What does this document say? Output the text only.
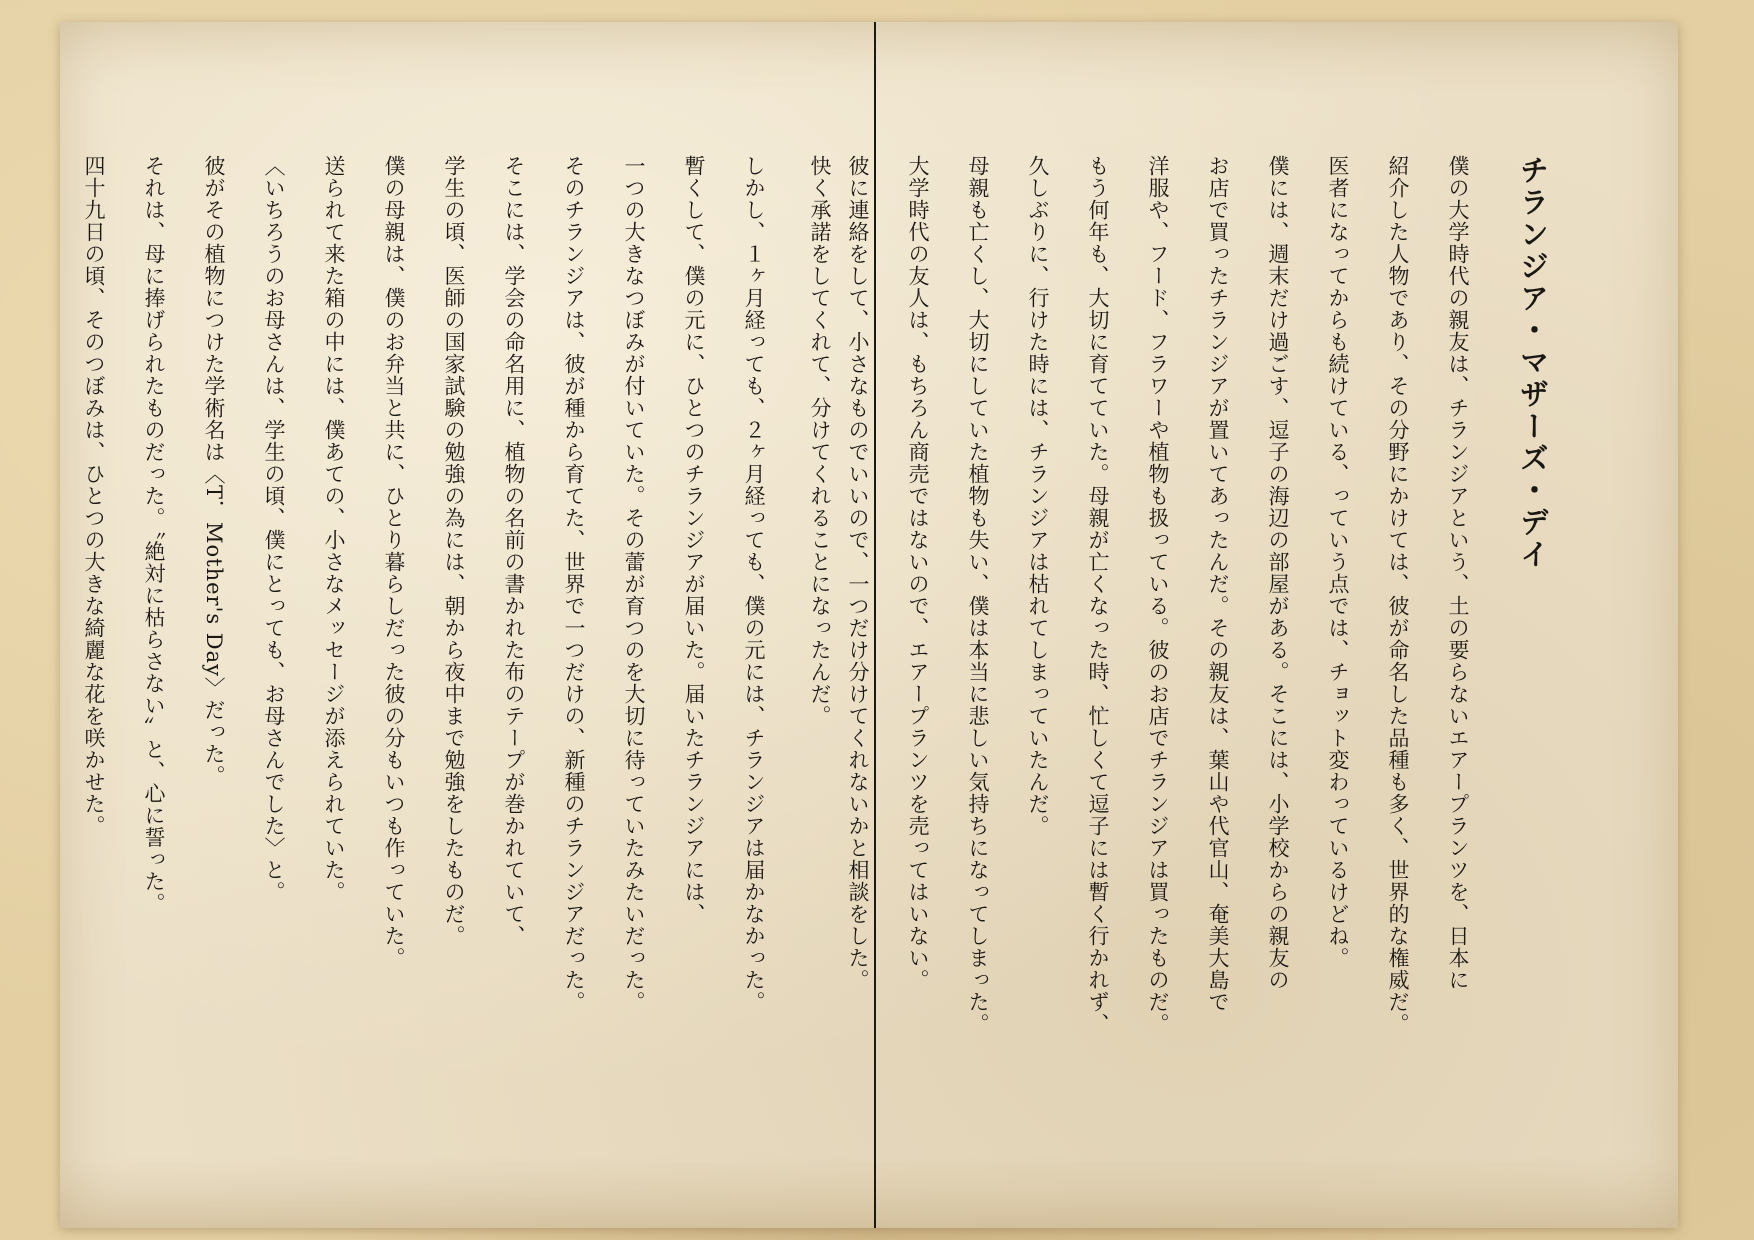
チランジア・マザーズ・デイ
僕の大学時代の親友は、チランジアという、土の要らないエアープランツを、日本に
紹介した人物であり、その分野にかけては、彼が命名した品種も多く、世界的な権威だ。
医者になってからも続けている、っていう点では、チョット変わっているけどね。
僕には、週末だけ過ごす、逗子の海辺の部屋がある。そこには、小学校からの親友の
お店で買ったチランジアが置いてあったんだ。その親友は、葉山や代官山、奄美大島で
洋服や、フード、フラワーや植物も扱っている。彼のお店でチランジアは買ったものだ。
もう何年も、大切に育てていた。母親が亡くなった時、忙しくて逗子には暫く行かれず、
久しぶりに、行けた時には、チランジアは枯れてしまっていたんだ。
母親も亡くし、大切にしていた植物も失い、僕は本当に悲しい気持ちになってしまった。
大学時代の友人は、もちろん商売ではないので、エアープランツを売ってはいない。
彼に連絡をして、小さなものでいいので、一つだけ分けてくれないかと相談をした。
快く承諾をしてくれて、分けてくれることになったんだ。
しかし、１ヶ月経っても、２ヶ月経っても、僕の元には、チランジアは届かなかった。
暫くして、僕の元に、ひとつのチランジアが届いた。届いたチランジアには、
一つの大きなつぼみが付いていた。その蕾が育つのを大切に待っていたみたいだった。
そのチランジアは、彼が種から育てた、世界で一つだけの、新種のチランジアだった。
そこには、学会の命名用に、植物の名前の書かれた布のテープが巻かれていて、
学生の頃、医師の国家試験の勉強の為には、朝から夜中まで勉強をしたものだ。
僕の母親は、僕のお弁当と共に、ひとり暮らしだった彼の分もいつも作っていた。
送られて来た箱の中には、僕あての、小さなメッセージが添えられていた。
〈いちろうのお母さんは、学生の頃、僕にとっても、お母さんでした〉と。
彼がその植物につけた学術名は〈T．Mother's Day〉だった。
それは、母に捧げられたものだった。〝絶対に枯らさない〟と、心に誓った。
四十九日の頃、そのつぼみは、ひとつの大きな綺麗な花を咲かせた。
